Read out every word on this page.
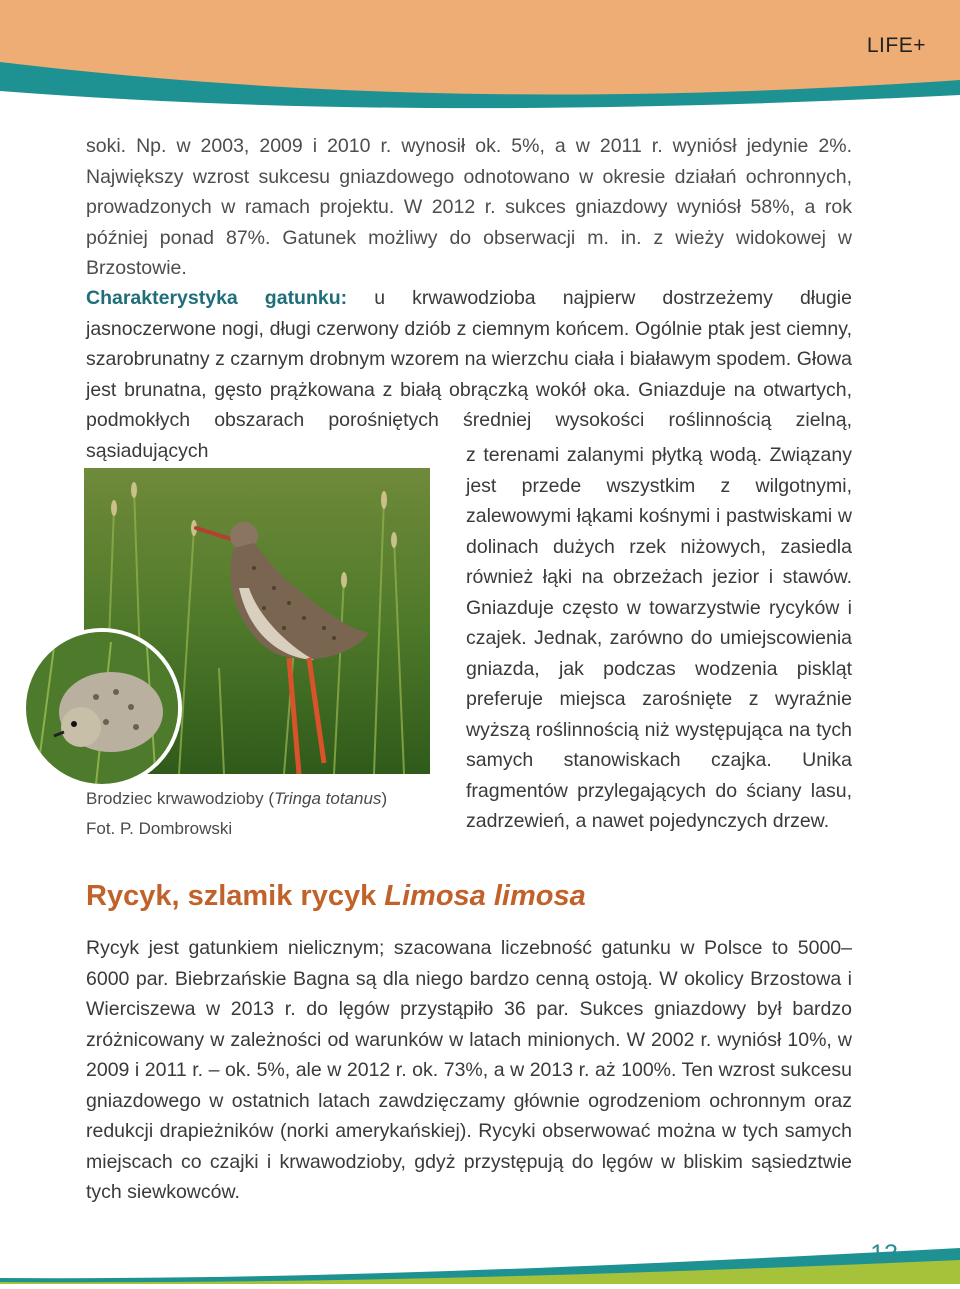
LIFE+

soki. Np. w 2003, 2009 i 2010 r. wynosił ok. 5%, a w 2011 r. wyniósł jedynie 2%. Największy wzrost sukcesu gniazdowego odnotowano w okresie działań ochronnych, prowadzonych w ramach projektu. W 2012 r. sukces gniazdowy wyniósł 58%, a rok później ponad 87%. Gatunek możliwy do obserwacji m. in. z wieży widokowej w Brzostowie.

Charakterystyka gatunku: u krwawodzioba najpierw dostrzeżemy długie jasnoczerwone nogi, długi czerwony dziób z ciemnym końcem. Ogólnie ptak jest ciemny, szarobrunatny z czarnym drobnym wzorem na wierzchu ciała i białawym spodem. Głowa jest brunatna, gęsto prążkowana z białą obrączką wokół oka. Gniazduje na otwartych, podmokłych obszarach porośniętych średniej wysokości roślinnością zielną, sąsiadujących	z terenami zalanymi płytką wodą. Związany jest przede wszystkim z wilgotnymi, zalewowymi łąkami kośnymi i pastwiskami w dolinach dużych rzek niżowych, zasiedla również łąki na obrzeżach jezior i stawów. Gniazduje często w towarzystwie rycyków i czajek. Jednak, zarówno do umiejscowienia gniazda, jak podczas wodzenia piskląt preferuje miejsca zarośnięte z wyraźnie wyższą roślinnością niż występująca na tych samych stanowiskach czajka. Unika fragmentów przylegających do ściany lasu, zadrzewień, a nawet pojedynczych drzew.

Brodziec krwawodzioby (Tringa totanus)
Fot. P. Dombrowski
Rycyk, szlamik rycyk Limosa limosa

Rycyk jest gatunkiem nielicznym; szacowana liczebność gatunku w Polsce to 5000–6000 par. Biebrzańskie Bagna są dla niego bardzo cenną ostoją. W okolicy Brzostowa i Wierciszewa w 2013 r. do lęgów przystąpiło 36 par. Sukces gniazdowy był bardzo zróżnicowany w zależności od warunków w latach minionych. W 2002 r. wyniósł 10%, w 2009 i 2011 r. – ok. 5%, ale w 2012 r. ok. 73%, a w 2013 r. aż 100%. Ten wzrost sukcesu gniazdowego w ostatnich latach zawdzięczamy głównie ogrodzeniom ochronnym oraz redukcji drapieżników (norki amerykańskiej). Rycyki obserwować można w tych samych miejscach co czajki i krwawodzioby, gdyż przystępują do lęgów w bliskim sąsiedztwie tych siewkowców.

13
